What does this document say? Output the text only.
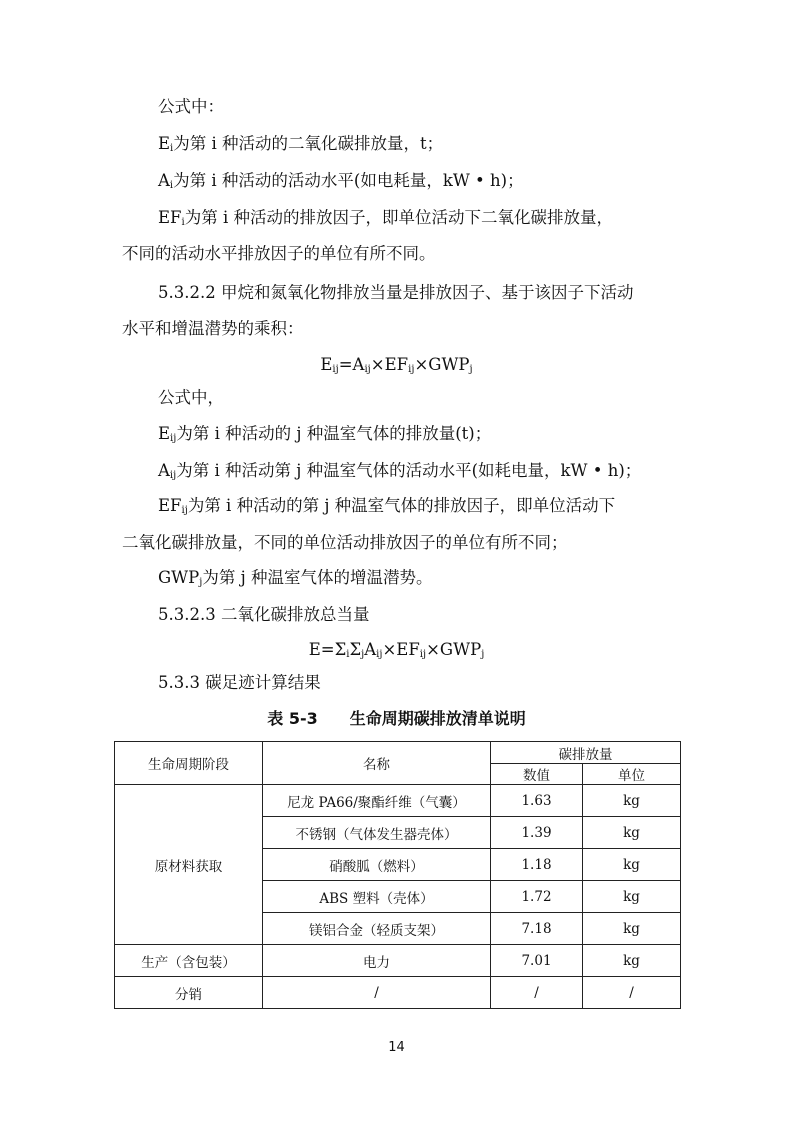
公式中：
$E_i$为第 i 种活动的二氧化碳排放量，t；
$A_i$为第 i 种活动的活动水平(如电耗量，kW • h)；
$EF_i$为第 i 种活动的排放因子，即单位活动下二氧化碳排放量，
不同的活动水平排放因子的单位有所不同。
5.3.2.2 甲烷和氮氧化物排放当量是排放因子、基于该因子下活动
水平和增温潜势的乘积：
$E_{ij}=A_{ij}\times EF_{ij}\times GWP_j$
公式中，
$E_{ij}$为第 i 种活动的 j 种温室气体的排放量(t)；
$A_{ij}$为第 i 种活动第 j 种温室气体的活动水平(如耗电量，kW • h)；
$EF_{ij}$为第 i 种活动的第 j 种温室气体的排放因子，即单位活动下
二氧化碳排放量，不同的单位活动排放因子的单位有所不同；
$GWP_j$为第 j 种温室气体的增温潜势。
5.3.2.3 二氧化碳排放总当量
$E=\Sigma_i\Sigma_jA_{ij}\times EF_{ij}\times GWP_j$
5.3.3 碳足迹计算结果
表 5-3　　生命周期碳排放清单说明
生命周期阶段	名称	碳排放量	
		数值	单位
原材料获取	尼龙 PA66/聚酯纤维（气囊）	1.63	kg
	不锈钢（气体发生器壳体）	1.39	kg
	硝酸胍（燃料）	1.18	kg
	ABS 塑料（壳体）	1.72	kg
	镁铝合金（轻质支架）	7.18	kg
生产（含包装）	电力	7.01	kg
分销	/	/	/
14
